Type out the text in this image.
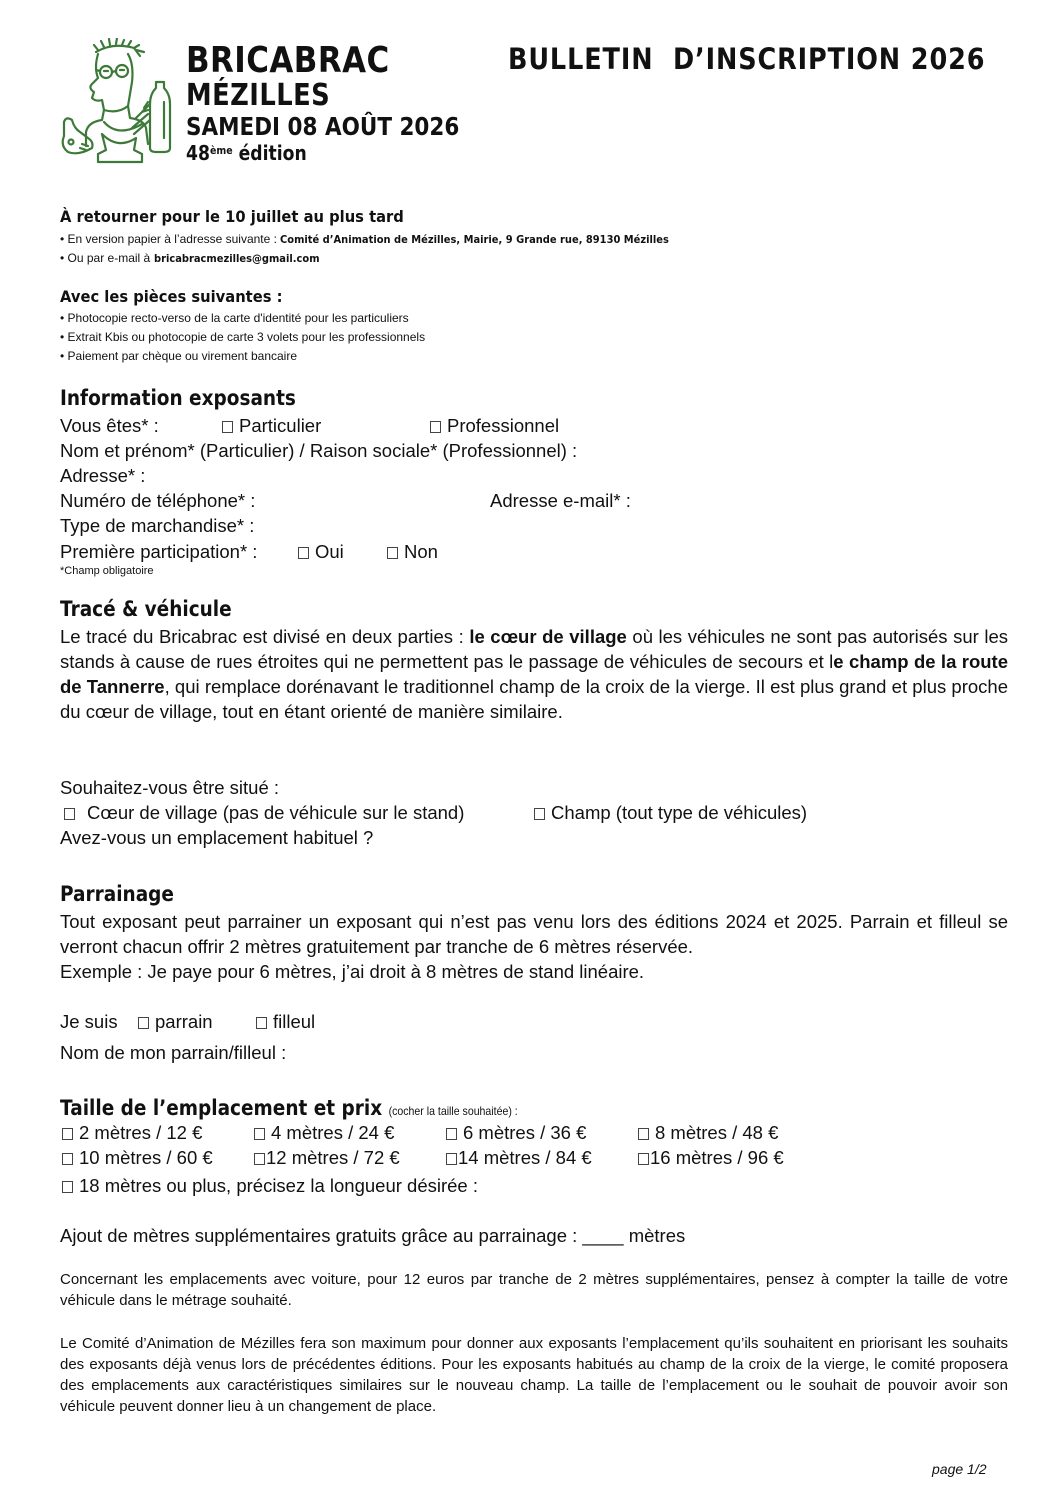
BRICABRAC
MÉZILLES
SAMEDI 08 AOÛT 2026
48ème édition
BULLETIN  D’INSCRIPTION 2026
À retourner pour le 10 juillet au plus tard
• En version papier à l’adresse suivante : Comité d’Animation de Mézilles, Mairie, 9 Grande rue, 89130 Mézilles
• Ou par e-mail à bricabracmezilles@gmail.com
Avec les pièces suivantes :
• Photocopie recto-verso de la carte d'identité pour les particuliers
• Extrait Kbis ou photocopie de carte 3 volets pour les professionnels
• Paiement par chèque ou virement bancaire
Information exposants
Vous êtes* :	Particulier	Professionnel
Nom et prénom* (Particulier) / Raison sociale* (Professionnel) :
Adresse* :
Numéro de téléphone* :	Adresse e-mail* :
Type de marchandise* :
Première participation* :	Oui	Non
*Champ obligatoire
Tracé & véhicule
Le tracé du Bricabrac est divisé en deux parties : le cœur de village où les véhicules ne sont pas autorisés sur les stands à cause de rues étroites qui ne permettent pas le passage de véhicules de secours et le champ de la route de Tannerre, qui remplace dorénavant le traditionnel champ de la croix de la vierge. Il est plus grand et plus proche du cœur de village, tout en étant orienté de manière similaire.
Souhaitez-vous être situé :
Cœur de village (pas de véhicule sur le stand)	Champ (tout type de véhicules)
Avez-vous un emplacement habituel ?
Parrainage
Tout exposant peut parrainer un exposant qui n’est pas venu lors des éditions 2024 et 2025. Parrain et filleul se verront chacun offrir 2 mètres gratuitement par tranche de 6 mètres réservée.
Exemple : Je paye pour 6 mètres, j’ai droit à 8 mètres de stand linéaire.
Je suis	parrain	filleul
Nom de mon parrain/filleul :
Taille de l’emplacement et prix (cocher la taille souhaitée) :
2 mètres / 12 €	4 mètres / 24 €	6 mètres / 36 €	8 mètres / 48 €
10 mètres / 60 €	12 mètres / 72 €	14 mètres / 84 €	16 mètres / 96 €
18 mètres ou plus, précisez la longueur désirée :
Ajout de mètres supplémentaires gratuits grâce au parrainage : ____ mètres
Concernant les emplacements avec voiture, pour 12 euros par tranche de 2 mètres supplémentaires, pensez à compter la taille de votre véhicule dans le métrage souhaité.
Le Comité d’Animation de Mézilles fera son maximum pour donner aux exposants l’emplacement qu’ils souhaitent en priorisant les souhaits des exposants déjà venus lors de précédentes éditions. Pour les exposants habitués au champ de la croix de la vierge, le comité proposera des emplacements aux caractéristiques similaires sur le nouveau champ. La taille de l’emplacement ou le souhait de pouvoir avoir son véhicule peuvent donner lieu à un changement de place.
page 1/2
